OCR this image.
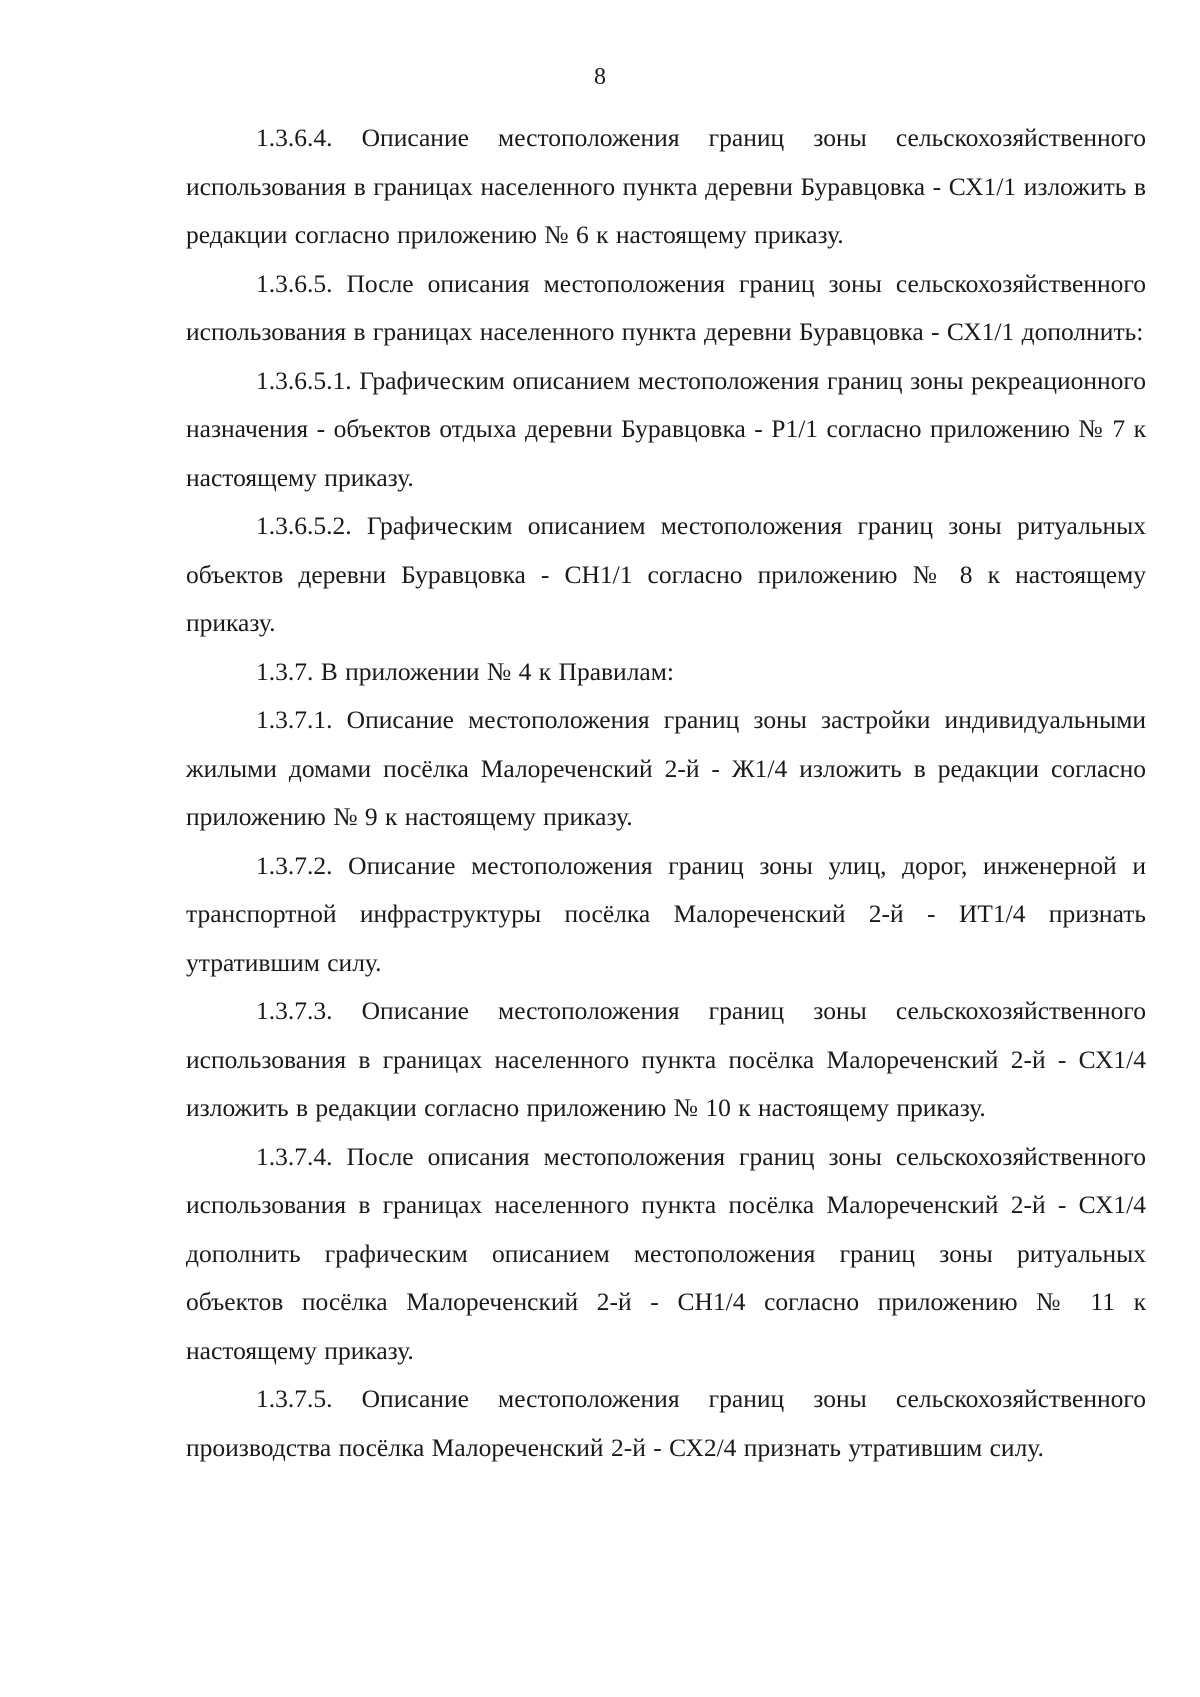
8

1.3.6.4. Описание местоположения границ зоны сельскохозяйственного использования в границах населенного пункта деревни Буравцовка - СХ1/1 изложить в редакции согласно приложению № 6 к настоящему приказу.

1.3.6.5. После описания местоположения границ зоны сельскохозяйственного использования в границах населенного пункта деревни Буравцовка - СХ1/1 дополнить:

1.3.6.5.1. Графическим описанием местоположения границ зоны рекреационного назначения - объектов отдыха деревни Буравцовка - Р1/1 согласно приложению № 7 к настоящему приказу.

1.3.6.5.2. Графическим описанием местоположения границ зоны ритуальных объектов деревни Буравцовка - СН1/1 согласно приложению № 8 к настоящему приказу.

1.3.7. В приложении № 4 к Правилам:

1.3.7.1. Описание местоположения границ зоны застройки индивидуальными жилыми домами посёлка Малореченский 2-й - Ж1/4 изложить в редакции согласно приложению № 9 к настоящему приказу.

1.3.7.2. Описание местоположения границ зоны улиц, дорог, инженерной и транспортной инфраструктуры посёлка Малореченский 2-й - ИТ1/4 признать утратившим силу.

1.3.7.3. Описание местоположения границ зоны сельскохозяйственного использования в границах населенного пункта посёлка Малореченский 2-й - СХ1/4 изложить в редакции согласно приложению № 10 к настоящему приказу.

1.3.7.4. После описания местоположения границ зоны сельскохозяйственного использования в границах населенного пункта посёлка Малореченский 2-й - СХ1/4 дополнить графическим описанием местоположения границ зоны ритуальных объектов посёлка Малореченский 2-й - СН1/4 согласно приложению № 11 к настоящему приказу.

1.3.7.5. Описание местоположения границ зоны сельскохозяйственного производства посёлка Малореченский 2-й - СХ2/4 признать утратившим силу.
